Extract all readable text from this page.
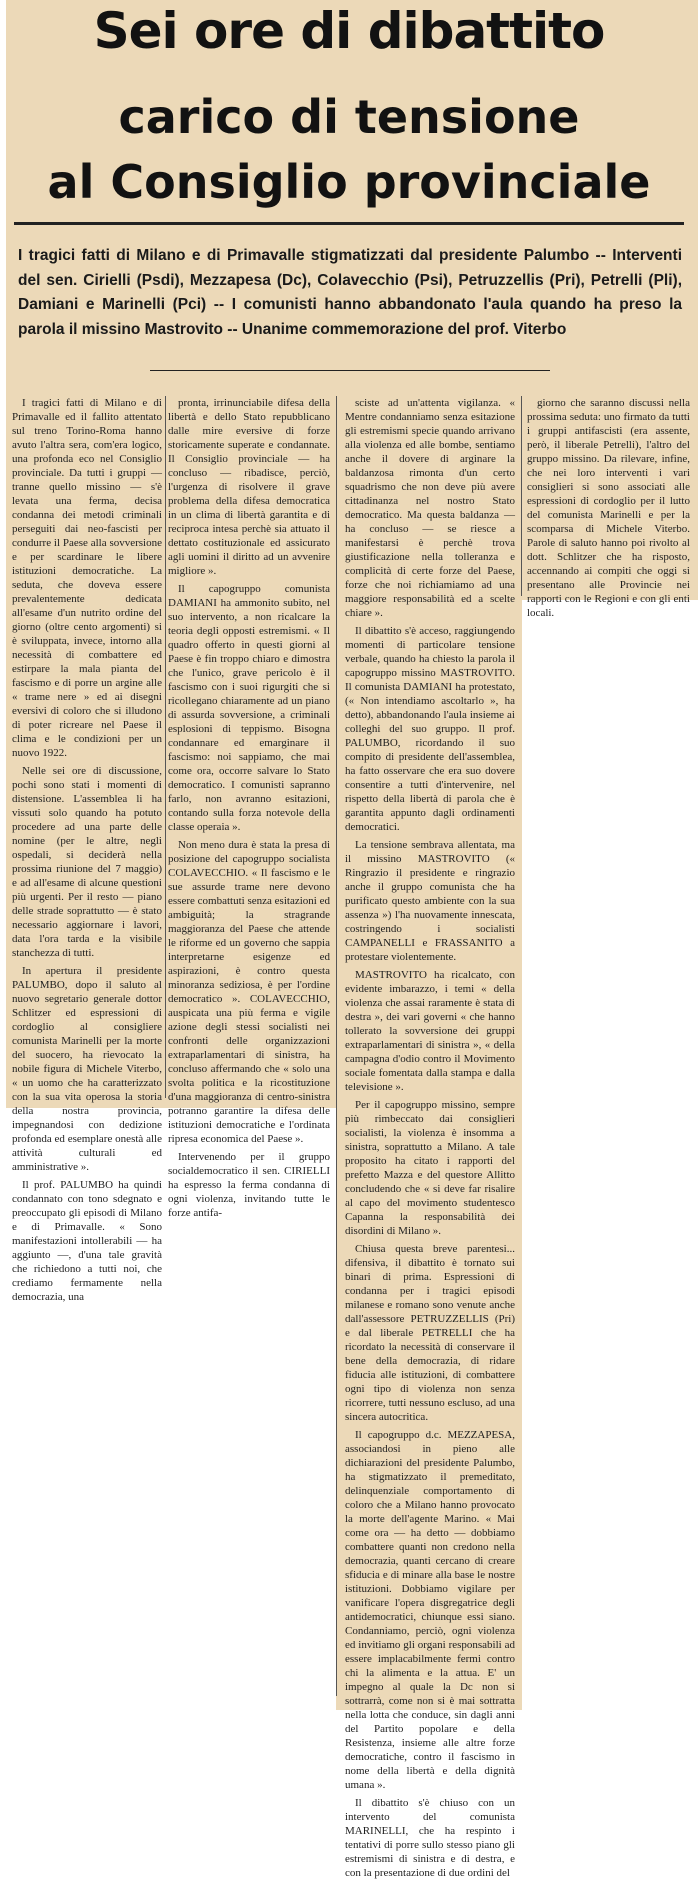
Sei ore di dibattito
carico di tensione
al Consiglio provinciale
I tragici fatti di Milano e di Primavalle stigmatizzati dal presidente Palumbo -- Interventi del sen. Cirielli (Psdi), Mezzapesa (Dc), Colavecchio (Psi), Petruzzellis (Pri), Petrelli (Pli), Damiani e Marinelli (Pci) -- I comunisti hanno abbandonato l'aula quando ha preso la parola il missino Mastrovito -- Unanime commemorazione del prof. Viterbo

I tragici fatti di Milano e di Primavalle ed il fallito attentato sul treno Torino-Roma hanno avuto l'altra sera, com'era logico, una profonda eco nel Consiglio provinciale. Da tutti i gruppi — tranne quello missino — s'è levata una ferma, decisa condanna dei metodi criminali perseguiti dai neo-fascisti per condurre il Paese alla sovversione e per scardinare le libere istituzioni democratiche. La seduta, che doveva essere prevalentemente dedicata all'esame d'un nutrito ordine del giorno (oltre cento argomenti) si è sviluppata, invece, intorno alla necessità di combattere ed estirpare la mala pianta del fascismo e di porre un argine alle « trame nere » ed ai disegni eversivi di coloro che si illudono di poter ricreare nel Paese il clima e le condizioni per un nuovo 1922.

Nelle sei ore di discussione, pochi sono stati i momenti di distensione. L'assemblea li ha vissuti solo quando ha potuto procedere ad una parte delle nomine (per le altre, negli ospedali, si deciderà nella prossima riunione del 7 maggio) e ad all'esame di alcune questioni più urgenti. Per il resto — piano delle strade soprattutto — è stato necessario aggiornare i lavori, data l'ora tarda e la visibile stanchezza di tutti.

In apertura il presidente PALUMBO, dopo il saluto al nuovo segretario generale dottor Schlitzer ed espressioni di cordoglio al consigliere comunista Marinelli per la morte del suocero, ha rievocato la nobile figura di Michele Viterbo, « un uomo che ha caratterizzato con la sua vita operosa la storia della nostra provincia, impegnandosi con dedizione profonda ed esemplare onestà alle attività culturali ed amministrative ».

Il prof. PALUMBO ha quindi condannato con tono sdegnato e preoccupato gli episodi di Milano e di Primavalle. « Sono manifestazioni intollerabili — ha aggiunto —, d'una tale gravità che richiedono a tutti noi, che crediamo fermamente nella democrazia, una

pronta, irrinunciabile difesa della libertà e dello Stato repubblicano dalle mire eversive di forze storicamente superate e condannate. Il Consiglio provinciale — ha concluso — ribadisce, perciò, l'urgenza di risolvere il grave problema della difesa democratica in un clima di libertà garantita e di reciproca intesa perchè sia attuato il dettato costituzionale ed assicurato agli uomini il diritto ad un avvenire migliore ».

Il capogruppo comunista DAMIANI ha ammonito subito, nel suo intervento, a non ricalcare la teoria degli opposti estremismi. « Il quadro offerto in questi giorni al Paese è fin troppo chiaro e dimostra che l'unico, grave pericolo è il fascismo con i suoi rigurgiti che si ricollegano chiaramente ad un piano di assurda sovversione, a criminali esplosioni di teppismo. Bisogna condannare ed emarginare il fascismo: noi sappiamo, che mai come ora, occorre salvare lo Stato democratico. I comunisti sapranno farlo, non avranno esitazioni, contando sulla forza notevole della classe operaia ».

Non meno dura è stata la presa di posizione del capogruppo socialista COLAVECCHIO. « Il fascismo e le sue assurde trame nere devono essere combattuti senza esitazioni ed ambiguità; la stragrande maggioranza del Paese che attende le riforme ed un governo che sappia interpretarne esigenze ed aspirazioni, è contro questa minoranza sediziosa, è per l'ordine democratico ». COLAVECCHIO, auspicata una più ferma e vigile azione degli stessi socialisti nei confronti delle organizzazioni extraparlamentari di sinistra, ha concluso affermando che « solo una svolta politica e la ricostituzione d'una maggioranza di centro-sinistra potranno garantire la difesa delle istituzioni democratiche e l'ordinata ripresa economica del Paese ».

Intervenendo per il gruppo socialdemocratico il sen. CIRIELLI ha espresso la ferma condanna di ogni violenza, invitando tutte le forze antifa-

sciste ad un'attenta vigilanza. « Mentre condanniamo senza esitazione gli estremismi specie quando arrivano alla violenza ed alle bombe, sentiamo anche il dovere di arginare la baldanzosa rimonta d'un certo squadrismo che non deve più avere cittadinanza nel nostro Stato democratico. Ma questa baldanza — ha concluso — se riesce a manifestarsi è perchè trova giustificazione nella tolleranza e complicità di certe forze del Paese, forze che noi richiamiamo ad una maggiore responsabilità ed a scelte chiare ».

Il dibattito s'è acceso, raggiungendo momenti di particolare tensione verbale, quando ha chiesto la parola il capogruppo missino MASTROVITO. Il comunista DAMIANI ha protestato, (« Non intendiamo ascoltarlo », ha detto), abbandonando l'aula insieme ai colleghi del suo gruppo. Il prof. PALUMBO, ricordando il suo compito di presidente dell'assemblea, ha fatto osservare che era suo dovere consentire a tutti d'intervenire, nel rispetto della libertà di parola che è garantita appunto dagli ordinamenti democratici.

La tensione sembrava allentata, ma il missino MASTROVITO (« Ringrazio il presidente e ringrazio anche il gruppo comunista che ha purificato questo ambiente con la sua assenza ») l'ha nuovamente innescata, costringendo i socialisti CAMPANELLI e FRASSANITO a protestare violentemente.

MASTROVITO ha ricalcato, con evidente imbarazzo, i temi « della violenza che assai raramente è stata di destra », dei vari governi « che hanno tollerato la sovversione dei gruppi extraparlamentari di sinistra », « della campagna d'odio contro il Movimento sociale fomentata dalla stampa e dalla televisione ».

Per il capogruppo missino, sempre più rimbeccato dai consiglieri socialisti, la violenza è insomma a sinistra, soprattutto a Milano. A tale proposito ha citato i rapporti del prefetto Mazza e del questore Allitto concludendo che « si deve far risalire al capo del movimento studentesco Capanna la responsabilità dei disordini di Milano ».

Chiusa questa breve parentesi... difensiva, il dibattito è tornato sui binari di prima. Espressioni di condanna per i tragici episodi milanese e romano sono venute anche dall'assessore PETRUZZELLIS (Pri) e dal liberale PETRELLI che ha ricordato la necessità di conservare il bene della democrazia, di ridare fiducia alle istituzioni, di combattere ogni tipo di violenza non senza ricorrere, tutti nessuno escluso, ad una sincera autocritica.

Il capogruppo d.c. MEZZAPESA, associandosi in pieno alle dichiarazioni del presidente Palumbo, ha stigmatizzato il premeditato, delinquenziale comportamento di coloro che a Milano hanno provocato la morte dell'agente Marino. « Mai come ora — ha detto — dobbiamo combattere quanti non credono nella democrazia, quanti cercano di creare sfiducia e di minare alla base le nostre istituzioni. Dobbiamo vigilare per vanificare l'opera disgregatrice degli antidemocratici, chiunque essi siano. Condanniamo, perciò, ogni violenza ed invitiamo gli organi responsabili ad essere implacabilmente fermi contro chi la alimenta e la attua. E' un impegno al quale la Dc non si sottrarrà, come non si è mai sottratta nella lotta che conduce, sin dagli anni del Partito popolare e della Resistenza, insieme alle altre forze democratiche, contro il fascismo in nome della libertà e della dignità umana ».

Il dibattito s'è chiuso con un intervento del comunista MARINELLI, che ha respinto i tentativi di porre sullo stesso piano gli estremismi di sinistra e di destra, e con la presentazione di due ordini del

giorno che saranno discussi nella prossima seduta: uno firmato da tutti i gruppi antifascisti (era assente, però, il liberale Petrelli), l'altro del gruppo missino. Da rilevare, infine, che nei loro interventi i vari consiglieri si sono associati alle espressioni di cordoglio per il lutto del comunista Marinelli e per la scomparsa di Michele Viterbo. Parole di saluto hanno poi rivolto al dott. Schlitzer che ha risposto, accennando ai compiti che oggi si presentano alle Provincie nei rapporti con le Regioni e con gli enti locali.
